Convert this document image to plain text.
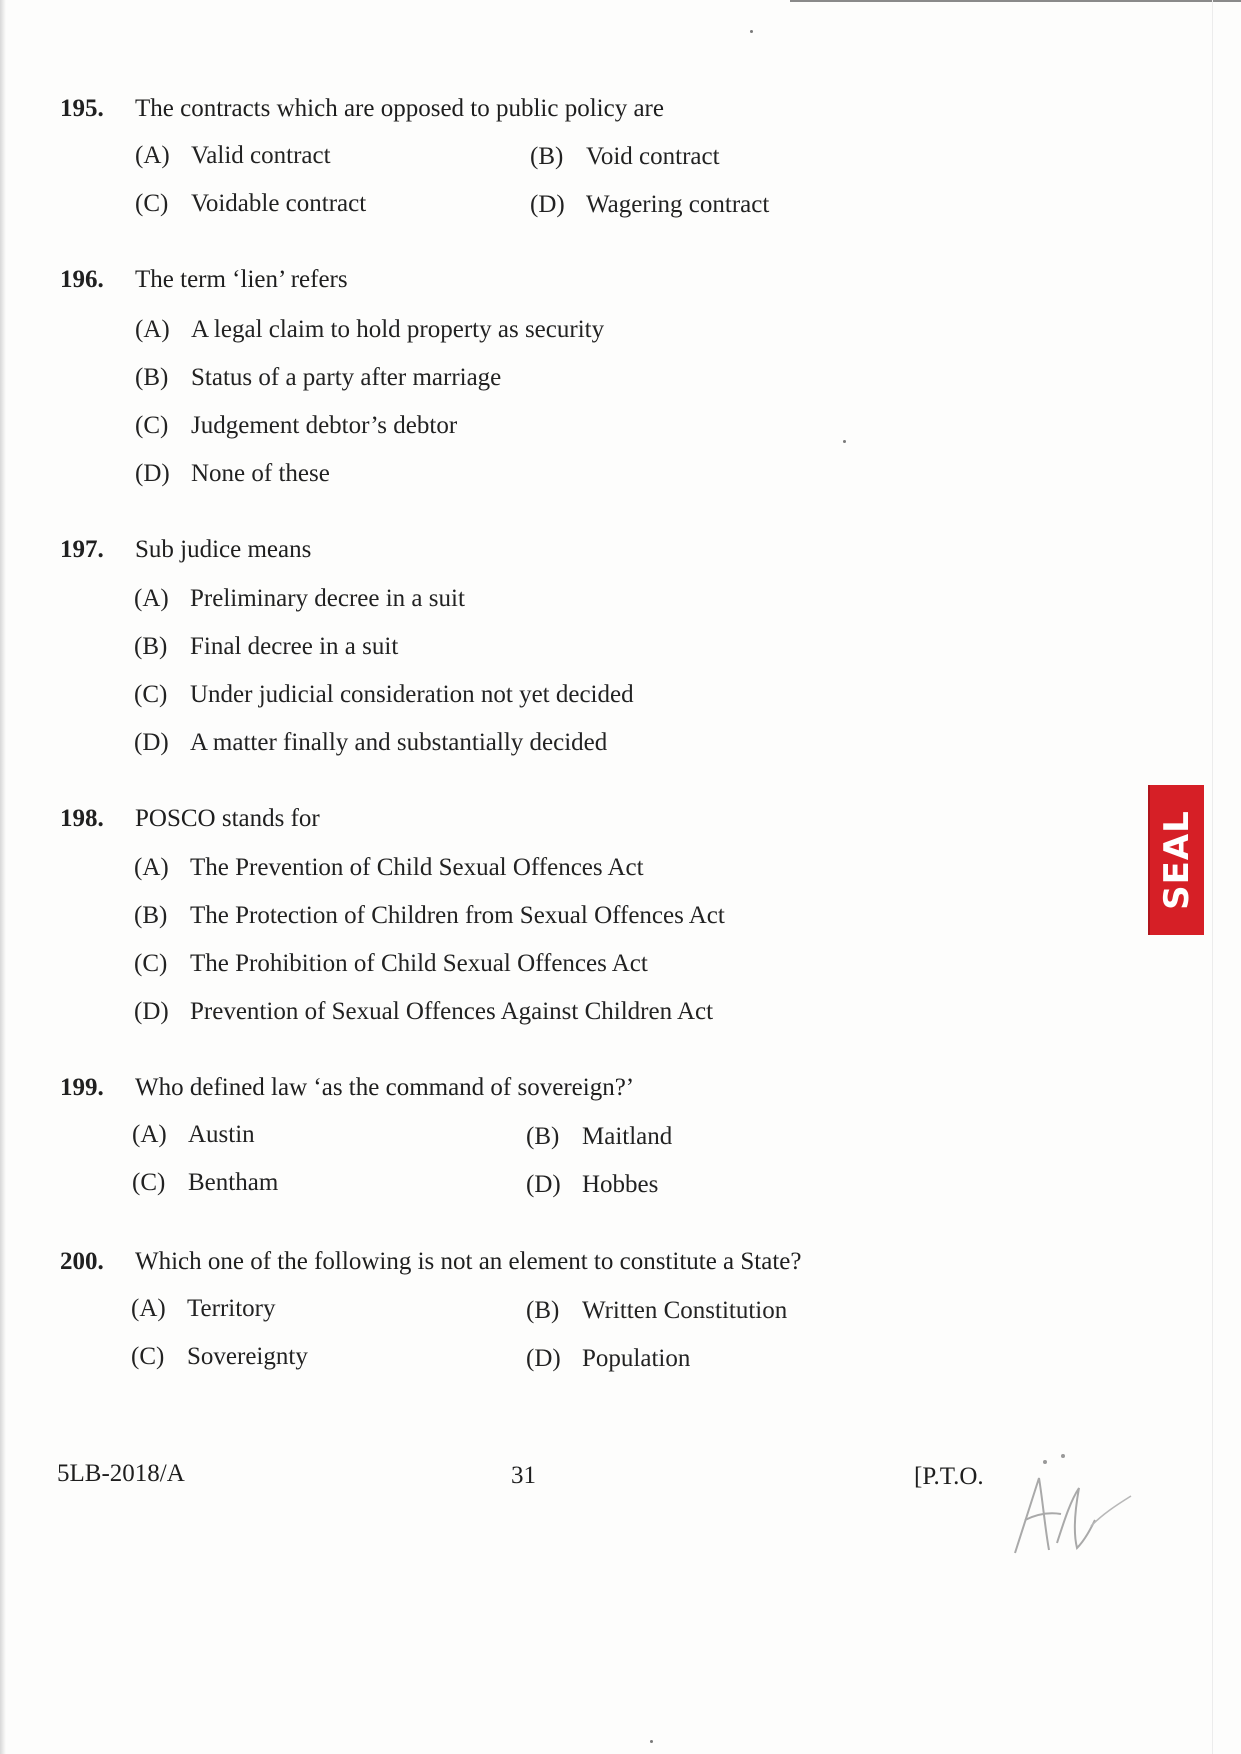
195.	The contracts which are opposed to public policy are
(A) Valid contract	(B) Void contract
(C) Voidable contract	(D) Wagering contract
196.	The term ‘lien’ refers
(A) A legal claim to hold property as security
(B) Status of a party after marriage
(C) Judgement debtor’s debtor
(D) None of these
197.	Sub judice means
(A) Preliminary decree in a suit
(B) Final decree in a suit
(C) Under judicial consideration not yet decided
(D) A matter finally and substantially decided
198.	POSCO stands for
(A) The Prevention of Child Sexual Offences Act
(B) The Protection of Children from Sexual Offences Act
(C) The Prohibition of Child Sexual Offences Act
(D) Prevention of Sexual Offences Against Children Act
199.	Who defined law ‘as the command of sovereign?’
(A) Austin	(B) Maitland
(C) Bentham	(D) Hobbes
200.	Which one of the following is not an element to constitute a State?
(A) Territory	(B) Written Constitution
(C) Sovereignty	(D) Population
SEAL
5LB-2018/A	31	[P.T.O.
